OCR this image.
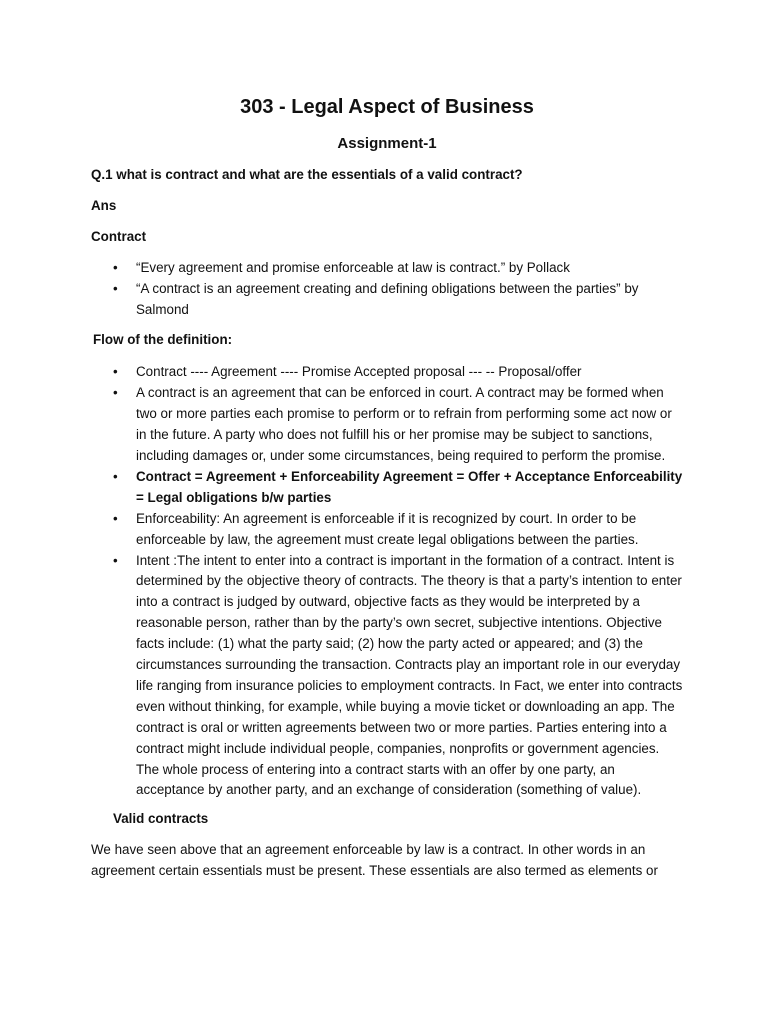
303 - Legal Aspect of Business
Assignment-1
Q.1 what is contract and what are the essentials of a valid contract?
Ans
Contract
• “Every agreement and promise enforceable at law is contract.” by Pollack
• “A contract is an agreement creating and defining obligations between the parties” by Salmond
Flow of the definition:
• Contract ---- Agreement ---- Promise Accepted proposal --- -- Proposal/offer
• A contract is an agreement that can be enforced in court. A contract may be formed when two or more parties each promise to perform or to refrain from performing some act now or in the future. A party who does not fulfill his or her promise may be subject to sanctions, including damages or, under some circumstances, being required to perform the promise.
• Contract = Agreement + Enforceability Agreement = Offer + Acceptance Enforceability = Legal obligations b/w parties
• Enforceability: An agreement is enforceable if it is recognized by court. In order to be enforceable by law, the agreement must create legal obligations between the parties.
• Intent :The intent to enter into a contract is important in the formation of a contract. Intent is determined by the objective theory of contracts. The theory is that a party’s intention to enter into a contract is judged by outward, objective facts as they would be interpreted by a reasonable person, rather than by the party’s own secret, subjective intentions. Objective facts include: (1) what the party said; (2) how the party acted or appeared; and (3) the circumstances surrounding the transaction. Contracts play an important role in our everyday life ranging from insurance policies to employment contracts. In Fact, we enter into contracts even without thinking, for example, while buying a movie ticket or downloading an app. The contract is oral or written agreements between two or more parties. Parties entering into a contract might include individual people, companies, nonprofits or government agencies. The whole process of entering into a contract starts with an offer by one party, an acceptance by another party, and an exchange of consideration (something of value).
Valid contracts
We have seen above that an agreement enforceable by law is a contract. In other words in an agreement certain essentials must be present. These essentials are also termed as elements or
